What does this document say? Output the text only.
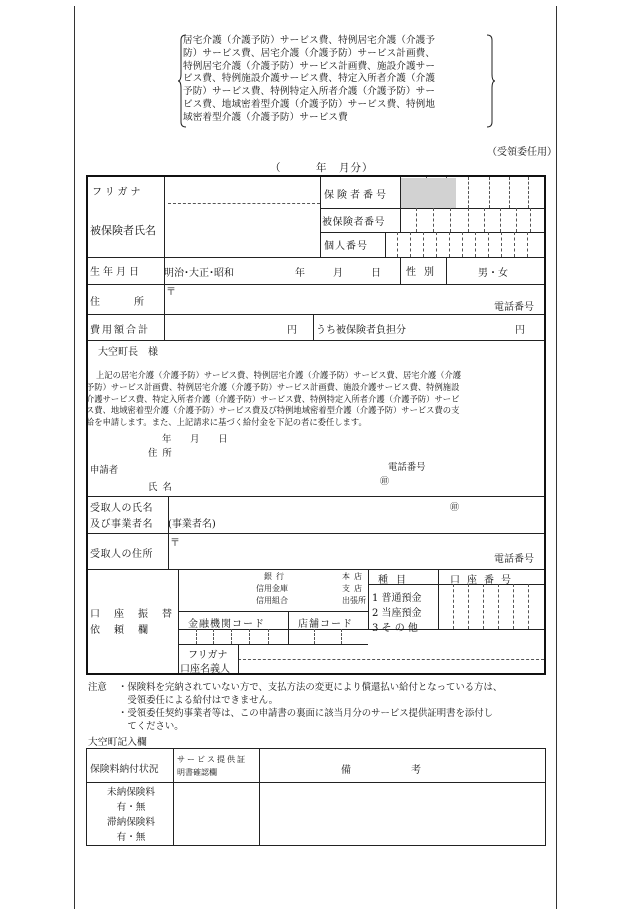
居宅介護（介護予防）サービス費、特例居宅介護（介護予
防）サービス費、居宅介護（介護予防）サービス計画費、
特例居宅介護（介護予防）サービス計画費、施設介護サー
ビス費、特例施設介護サービス費、特定入所者介護（介護
予防）サービス費、特例特定入所者介護（介護予防）サー
ビス費、地域密着型介護（介護予防）サービス費、特例地
域密着型介護（介護予防）サービス費
（受領委任用）
（　　　年　月分）
フリガナ
被保険者氏名
保険者番号
被保険者番号
個人番号
生年月日 明治･大正･昭和	年	月	日	性別	男・女
住所
〒
電話番号
費用額合計	円 うち被保険者負担分	円
大空町長　様
上記の居宅介護（介護予防）サービス費、特例居宅介護（介護予防）サービス費、居宅介護（介護
予防）サービス計画費、特例居宅介護（介護予防）サービス計画費、施設介護サービス費、特例施設
介護サービス費、特定入所者介護（介護予防）サービス費、特例特定入所者介護（介護予防）サービ
ス費、地域密着型介護（介護予防）サービス費及び特例地域密着型介護（介護予防）サービス費の支
給を申請します。また、上記請求に基づく給付金を下記の者に委任します。
年　　月　　日
住所
申請者	電話番号
氏名	㊞
受取人の氏名
及び事業者名 (事業者名)
㊞
受取人の住所
〒
電話番号
口座振替
依頼欄
銀行
信用金庫
信用組合
本店
支店
出張所
種目	口座番号
1 普通預金
2 当座預金
3 そ の 他
金融機関コード	店舗コード
フリガナ
口座名義人
注意	・保険料を完納されていない方で、支払方法の変更により償還払い給付となっている方は、
　受領委任による給付はできません。
・受領委任契約事業者等は、この申請書の裏面に該当月分のサービス提供証明書を添付し
　てください。
大空町記入欄
保険料納付状況
サービス提供証
明書確認欄	備　　　　　　考
未納保険料
有・無
滞納保険料
有・無
